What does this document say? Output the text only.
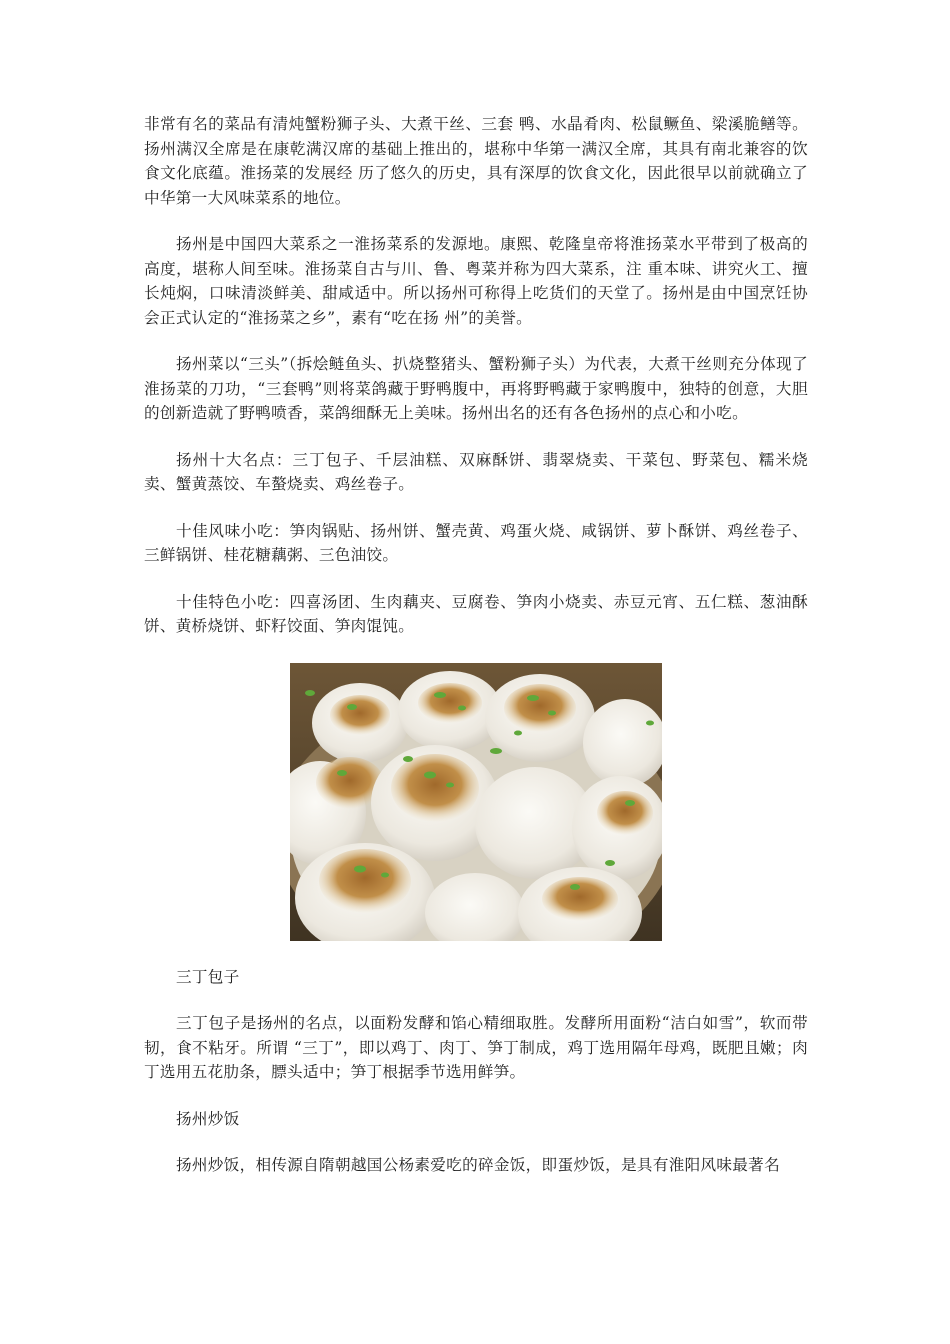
非常有名的菜品有清炖蟹粉狮子头、大煮干丝、三套 鸭、水晶肴肉、松鼠鳜鱼、梁溪脆鳝等。扬州满汉全席是在康乾满汉席的基础上推出的，堪称中华第一满汉全席，其具有南北兼容的饮食文化底蕴。淮扬菜的发展经 历了悠久的历史，具有深厚的饮食文化，因此很早以前就确立了中华第一大风味菜系的地位。

扬州是中国四大菜系之一淮扬菜系的发源地。康熙、乾隆皇帝将淮扬菜水平带到了极高的高度，堪称人间至味。淮扬菜自古与川、鲁、粤菜并称为四大菜系，注 重本味、讲究火工、擅长炖焖，口味清淡鲜美、甜咸适中。所以扬州可称得上吃货们的天堂了。扬州是由中国烹饪协会正式认定的“淮扬菜之乡”，素有“吃在扬 州”的美誉。

扬州菜以“三头”（拆烩鲢鱼头、扒烧整猪头、蟹粉狮子头）为代表，大煮干丝则充分体现了淮扬菜的刀功，“三套鸭”则将菜鸽藏于野鸭腹中，再将野鸭藏于家鸭腹中，独特的创意，大胆的创新造就了野鸭喷香，菜鸽细酥无上美味。扬州出名的还有各色扬州的点心和小吃。

扬州十大名点：三丁包子、千层油糕、双麻酥饼、翡翠烧卖、干菜包、野菜包、糯米烧卖、蟹黄蒸饺、车螯烧卖、鸡丝卷子。

十佳风味小吃：笋肉锅贴、扬州饼、蟹壳黄、鸡蛋火烧、咸锅饼、萝卜酥饼、鸡丝卷子、三鲜锅饼、桂花糖藕粥、三色油饺。

十佳特色小吃：四喜汤团、生肉藕夹、豆腐卷、笋肉小烧卖、赤豆元宵、五仁糕、葱油酥饼、黄桥烧饼、虾籽饺面、笋肉馄饨。

三丁包子

三丁包子是扬州的名点，以面粉发酵和馅心精细取胜。发酵所用面粉“洁白如雪”，软而带韧，食不粘牙。所谓 “三丁”，即以鸡丁、肉丁、笋丁制成，鸡丁选用隔年母鸡，既肥且嫩；肉丁选用五花肋条，膘头适中；笋丁根据季节选用鲜笋。

扬州炒饭

扬州炒饭，相传源自隋朝越国公杨素爱吃的碎金饭，即蛋炒饭，是具有淮阳风味最著名
